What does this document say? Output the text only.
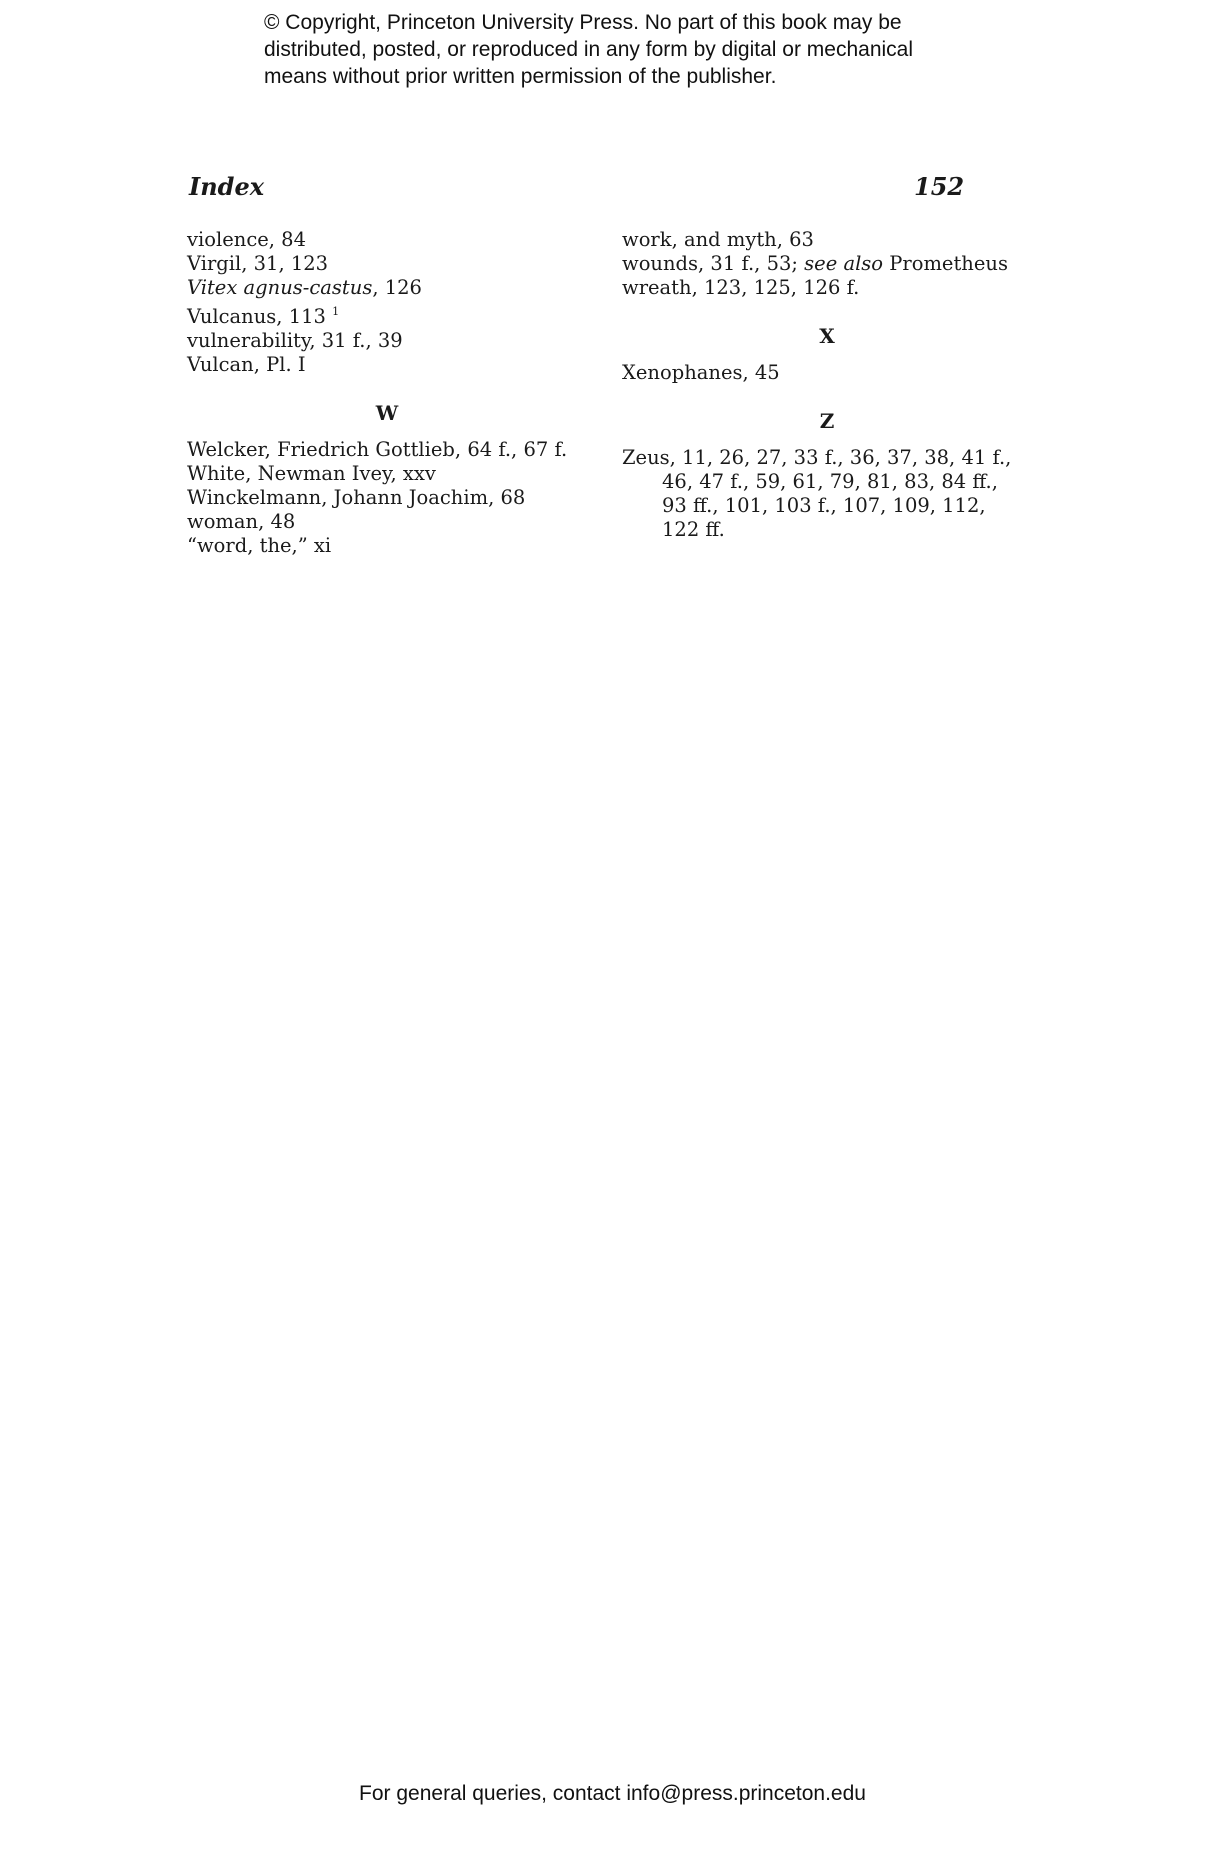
© Copyright, Princeton University Press. No part of this book may be
distributed, posted, or reproduced in any form by digital or mechanical
means without prior written permission of the publisher.
Index	152
violence, 84
Virgil, 31, 123
Vitex agnus-castus, 126
Vulcanus, 113 $^1$
vulnerability, 31 f., 39
Vulcan, Pl. I
W
Welcker, Friedrich Gottlieb, 64 f., 67 f.
White, Newman Ivey, xxv
Winckelmann, Johann Joachim, 68
woman, 48
“word, the,” xi
work, and myth, 63
wounds, 31 f., 53; see also Prometheus
wreath, 123, 125, 126 f.
X
Xenophanes, 45
Z
Zeus, 11, 26, 27, 33 f., 36, 37, 38, 41 f.,
46, 47 f., 59, 61, 79, 81, 83, 84 ff.,
93 ff., 101, 103 f., 107, 109, 112,
122 ff.
For general queries, contact info@press.princeton.edu
